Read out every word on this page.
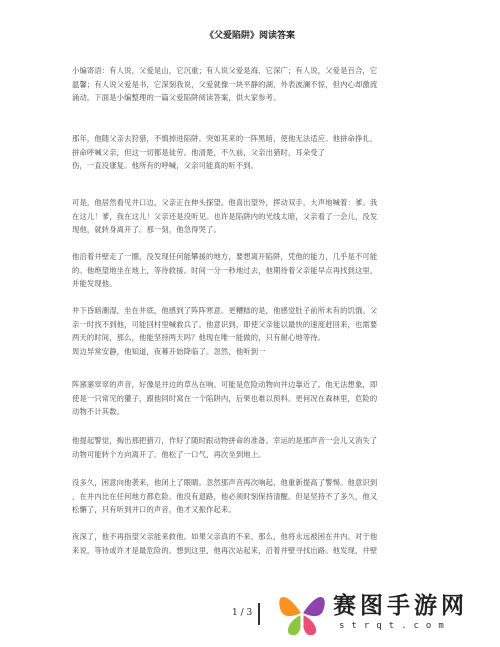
《父爱陷阱》阅读答案

小编寄语：有人说，父爱是山，它沉重；有人说父爱是海，它深广；有人说，父爱是百合，它
温馨；有人说父爱是书，它深刻我说，父爱就像一块平静的湖，外表波澜不惊，但内心却激流
涌动。下面是小编整理的一篇父爱陷阱阅读答案，供大家参考。

那年，他随父亲去狩猎，不慎掉进陷阱。突如其来的一阵黑暗，使他无法适应。他拼命挣扎，
拼命呼喊父亲，但这一切都是徒劳。他清楚，不久前，父亲出猎时，耳朵受了
伤，一直没康复。他所有的呼喊，父亲可能真的听不到。

可是，他居然看见井口边，父亲正在伸头探望。他喜出望外，挥动双手，大声地喊着：爹。我
在这儿！爹，我在这儿！父亲还是没听见。也许是陷阱内的光线太暗，父亲看了一会儿，没发
现他，就转身离开了。那一刻，他急得哭了。

他沿着井壁走了一圈，没发现任何能攀援的地方，要想离开陷阱，凭他的能力，几乎是不可能
的。他绝望地坐在地上，等待救援。时间一分一秒地过去，他期待着父亲能早点再找到这里，
并能发现他。

井下昏暗潮湿，坐在井底，他感到了阵阵寒意。更糟糕的是，他感觉肚子前所未有的饥饿。父
亲一时找不到他，可能回村里喊救兵了。他意识到，即使父亲能以最快的速度赶回来，也需要
两天的时间，那么，他能坚持两天吗？他现在唯一能做的，只有耐心地等待。
周边异常安静，他知道，夜幕开始降临了。忽然，他听到一

阵窸窸窣窣的声音，好像是井边的草丛在响。可能是危险动物向井边靠近了。他无法想象，即
使是一只常见的獾子，跟他同时窝在一个陷阱内，后果也难以预料。更何况在森林里，危险的
动物不计其数。

他提起警觉，掏出那把猎刀，作好了随时跟动物拼命的准备。幸运的是那声音一会儿又消失了
动物可能转个方向离开了。他松了一口气，再次坐到地上。

没多久，困意向他袭来，他闭上了眼睛。忽然那声音再次响起，他重新提高了警惕。他意识到
，在井内比在任何地方都危险。他没有退路，他必须时刻保持清醒。但是坚持不了多久，他又
松懈了，只有听到井口的声音，他才又振作起来。

夜深了，他不再指望父亲能来救他。如果父亲真的不来，那么，他将永远被困在井内。对于他
来说，等待或许才是最危险的。想到这里，他再次站起来，沿着井壁寻找出路。他发现，井壁

1 / 3	赛图手游网
strqt.com
